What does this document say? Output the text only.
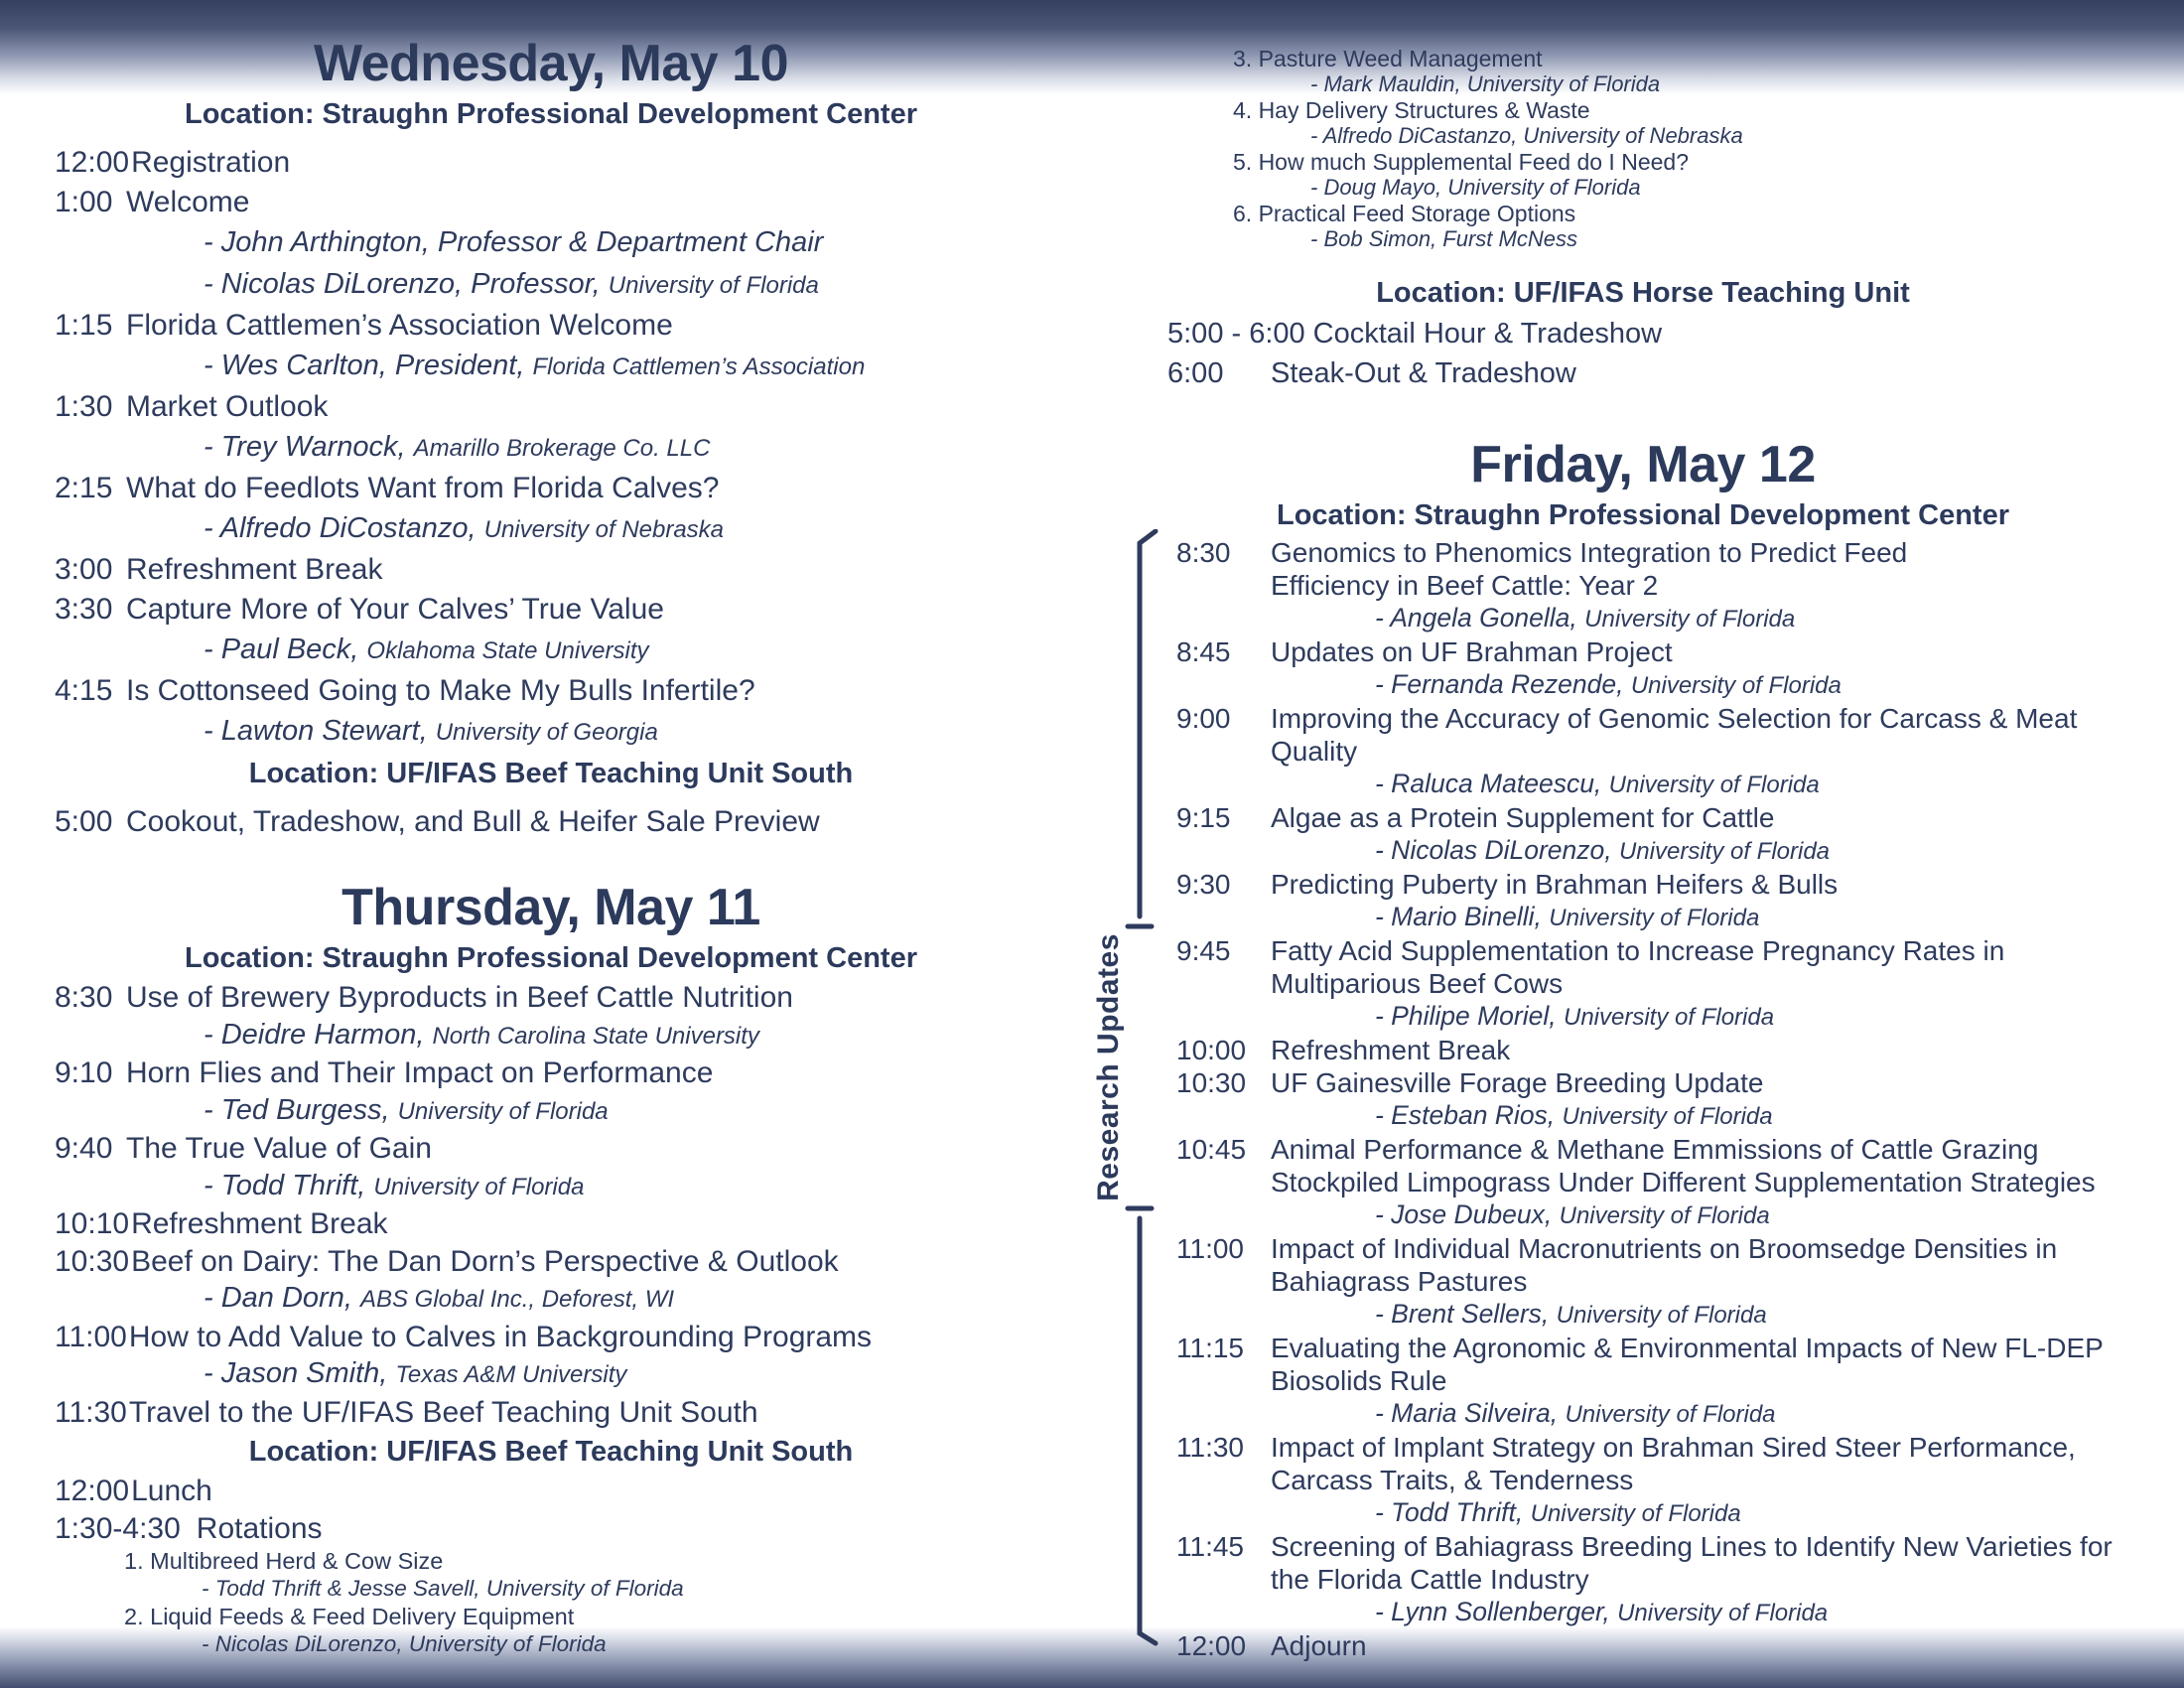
Wednesday, May 10
Location: Straughn Professional Development Center
12:00 Registration
1:00 Welcome
- John Arthington, Professor & Department Chair
- Nicolas DiLorenzo, Professor, University of Florida
1:15 Florida Cattlemen’s Association Welcome
- Wes Carlton, President, Florida Cattlemen’s Association
1:30 Market Outlook
- Trey Warnock, Amarillo Brokerage Co. LLC
2:15 What do Feedlots Want from Florida Calves?
- Alfredo DiCostanzo, University of Nebraska
3:00 Refreshment Break
3:30 Capture More of Your Calves’ True Value
- Paul Beck, Oklahoma State University
4:15 Is Cottonseed Going to Make My Bulls Infertile?
- Lawton Stewart, University of Georgia
Location: UF/IFAS Beef Teaching Unit South
5:00 Cookout, Tradeshow, and Bull & Heifer Sale Preview
Thursday, May 11
Location: Straughn Professional Development Center
8:30 Use of Brewery Byproducts in Beef Cattle Nutrition
- Deidre Harmon, North Carolina State University
9:10 Horn Flies and Their Impact on Performance
- Ted Burgess, University of Florida
9:40 The True Value of Gain
- Todd Thrift, University of Florida
10:10 Refreshment Break
10:30 Beef on Dairy: The Dan Dorn’s Perspective & Outlook
- Dan Dorn, ABS Global Inc., Deforest, WI
11:00 How to Add Value to Calves in Backgrounding Programs
- Jason Smith, Texas A&M University
11:30 Travel to the UF/IFAS Beef Teaching Unit South
Location: UF/IFAS Beef Teaching Unit South
12:00 Lunch
1:30-4:30 Rotations
1. Multibreed Herd & Cow Size
- Todd Thrift & Jesse Savell, University of Florida
2. Liquid Feeds & Feed Delivery Equipment
- Nicolas DiLorenzo, University of Florida
3. Pasture Weed Management
- Mark Mauldin, University of Florida
4. Hay Delivery Structures & Waste
- Alfredo DiCastanzo, University of Nebraska
5. How much Supplemental Feed do I Need?
- Doug Mayo, University of Florida
6. Practical Feed Storage Options
- Bob Simon, Furst McNess
Location: UF/IFAS Horse Teaching Unit
5:00 - 6:00 Cocktail Hour & Tradeshow
6:00	Steak-Out & Tradeshow
Friday, May 12
Location: Straughn Professional Development Center
8:30	Genomics to Phenomics Integration to Predict Feed
Efficiency in Beef Cattle: Year 2
- Angela Gonella, University of Florida
8:45	Updates on UF Brahman Project
- Fernanda Rezende, University of Florida
9:00	Improving the Accuracy of Genomic Selection for Carcass & Meat
Quality
- Raluca Mateescu, University of Florida
9:15	Algae as a Protein Supplement for Cattle
- Nicolas DiLorenzo, University of Florida
9:30	Predicting Puberty in Brahman Heifers & Bulls
- Mario Binelli, University of Florida
9:45	Fatty Acid Supplementation to Increase Pregnancy Rates in
Multiparious Beef Cows
- Philipe Moriel, University of Florida
10:00 Refreshment Break
10:30 UF Gainesville Forage Breeding Update
- Esteban Rios, University of Florida
10:45 Animal Performance & Methane Emmissions of Cattle Grazing
Stockpiled Limpograss Under Different Supplementation Strategies
- Jose Dubeux, University of Florida
11:00 Impact of Individual Macronutrients on Broomsedge Densities in
Bahiagrass Pastures
- Brent Sellers, University of Florida
11:15 Evaluating the Agronomic & Environmental Impacts of New FL-DEP
Biosolids Rule
- Maria Silveira, University of Florida
11:30 Impact of Implant Strategy on Brahman Sired Steer Performance,
Carcass Traits, & Tenderness
- Todd Thrift, University of Florida
11:45 Screening of Bahiagrass Breeding Lines to Identify New Varieties for
the Florida Cattle Industry
- Lynn Sollenberger, University of Florida
12:00 Adjourn
Research Updates
